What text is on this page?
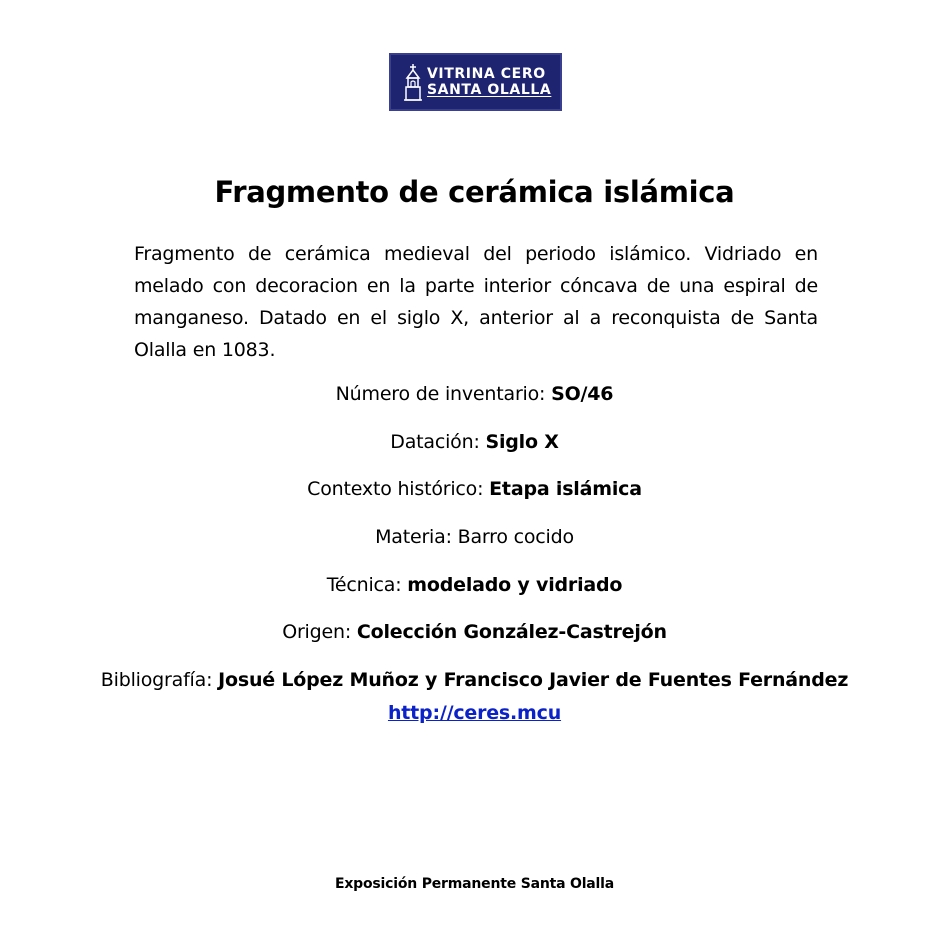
VITRINA CERO
SANTA OLALLA
Fragmento de cerámica islámica
Fragmento de cerámica medieval del periodo islámico. Vidriado en melado con decoracion en la parte interior cóncava de una espiral de manganeso. Datado en el siglo X, anterior al a reconquista de Santa Olalla en 1083.
Número de inventario: SO/46
Datación: Siglo X
Contexto histórico: Etapa islámica
Materia: Barro cocido
Técnica: modelado y vidriado
Origen: Colección González-Castrejón
Bibliografía: Josué López Muñoz y Francisco Javier de Fuentes Fernández
http://ceres.mcu
Exposición Permanente Santa Olalla
